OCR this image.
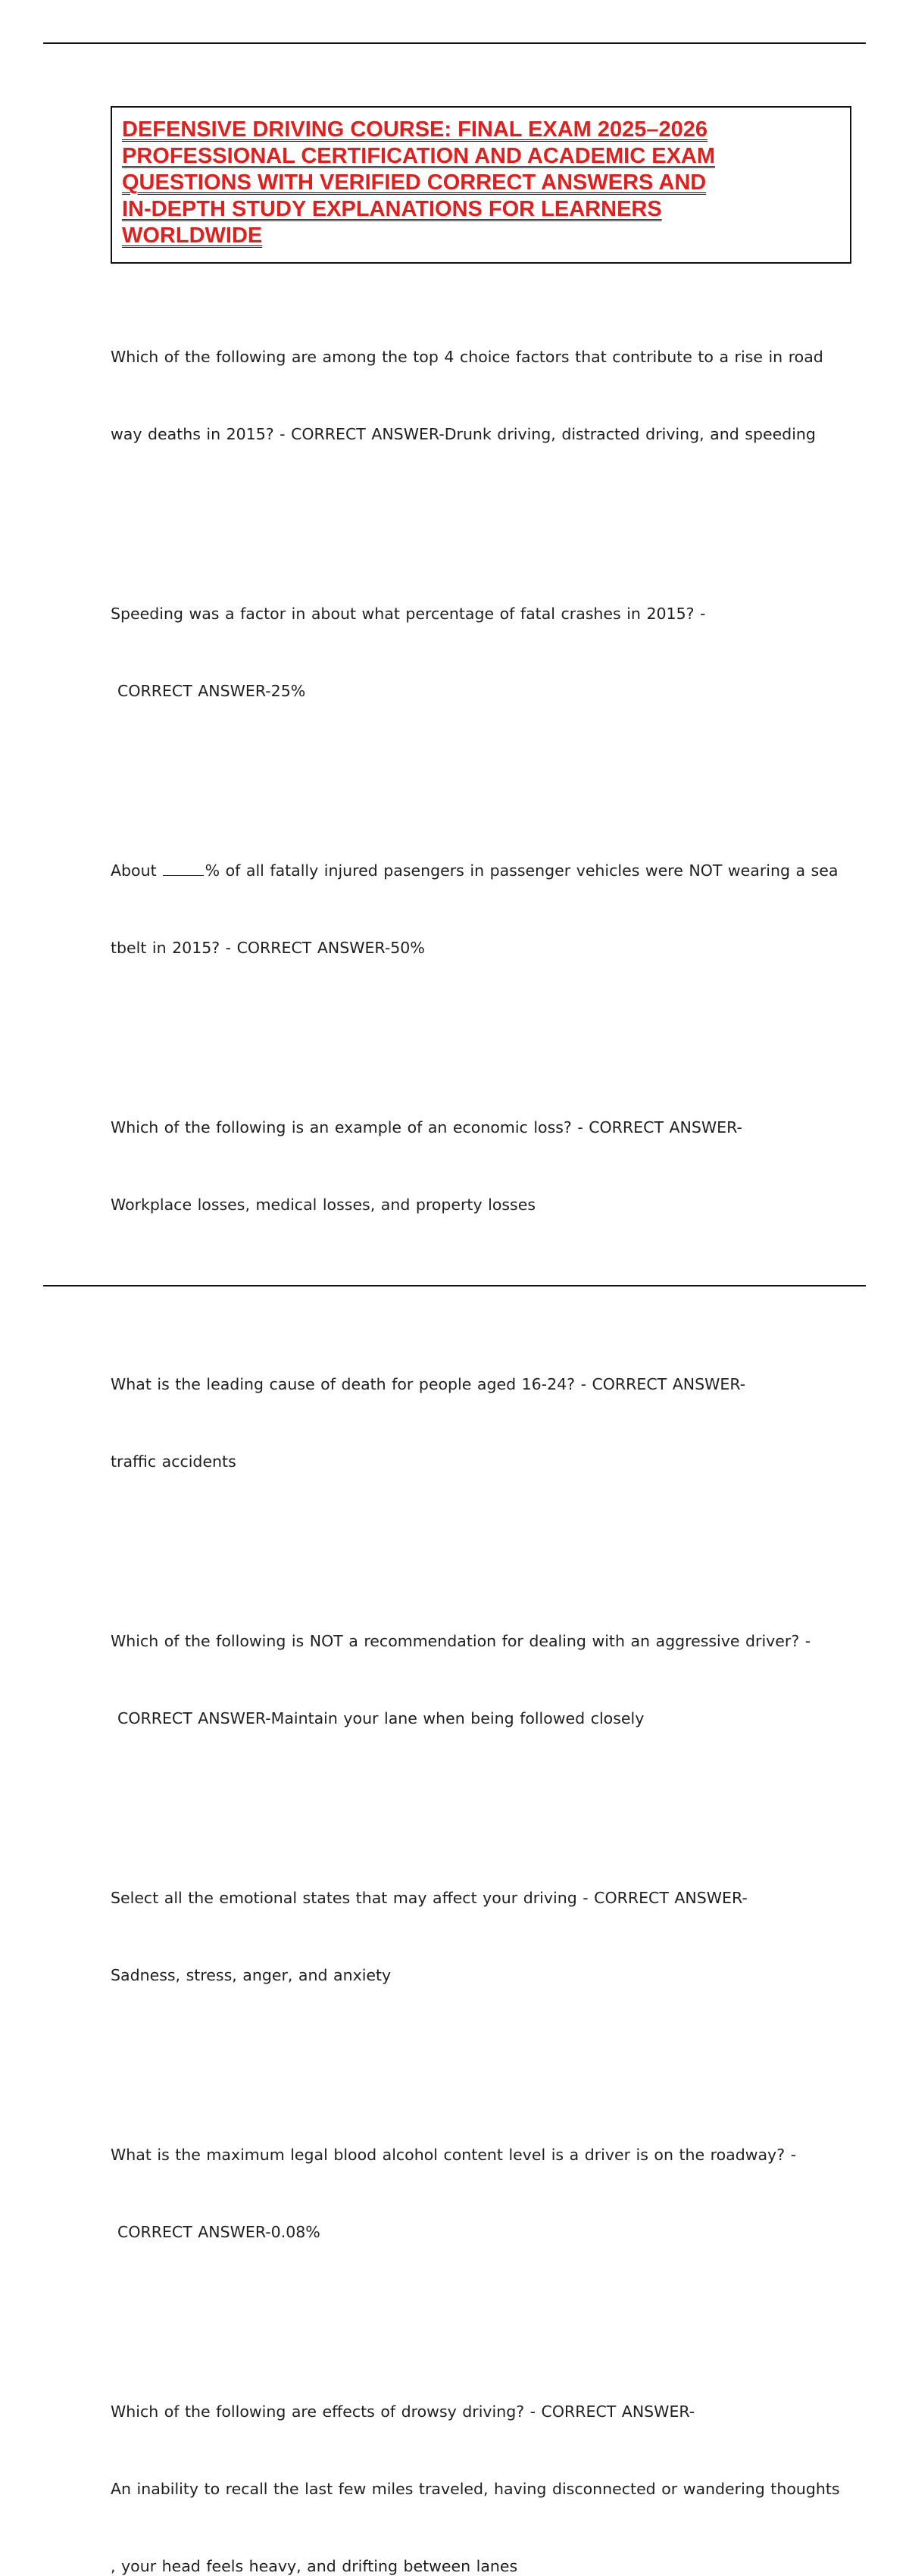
DEFENSIVE DRIVING COURSE: FINAL EXAM 2025–2026
PROFESSIONAL CERTIFICATION AND ACADEMIC EXAM
QUESTIONS WITH VERIFIED CORRECT ANSWERS AND
IN-DEPTH STUDY EXPLANATIONS FOR LEARNERS
WORLDWIDE

Which of the following are among the top 4 choice factors that contribute to a rise in road

way deaths in 2015? - CORRECT ANSWER-Drunk driving, distracted driving, and speeding

Speeding was a factor in about what percentage of fatal crashes in 2015? -

CORRECT ANSWER-25%

About	% of all fatally injured pasengers in passenger vehicles were NOT wearing a sea

tbelt in 2015? - CORRECT ANSWER-50%

Which of the following is an example of an economic loss? - CORRECT ANSWER-

Workplace losses, medical losses, and property losses

What is the leading cause of death for people aged 16-24? - CORRECT ANSWER-

traffic accidents

Which of the following is NOT a recommendation for dealing with an aggressive driver? -

CORRECT ANSWER-Maintain your lane when being followed closely

Select all the emotional states that may affect your driving - CORRECT ANSWER-

Sadness, stress, anger, and anxiety

What is the maximum legal blood alcohol content level is a driver is on the roadway? -

CORRECT ANSWER-0.08%

Which of the following are effects of drowsy driving? - CORRECT ANSWER-

An inability to recall the last few miles traveled, having disconnected or wandering thoughts

, your head feels heavy, and drifting between lanes
